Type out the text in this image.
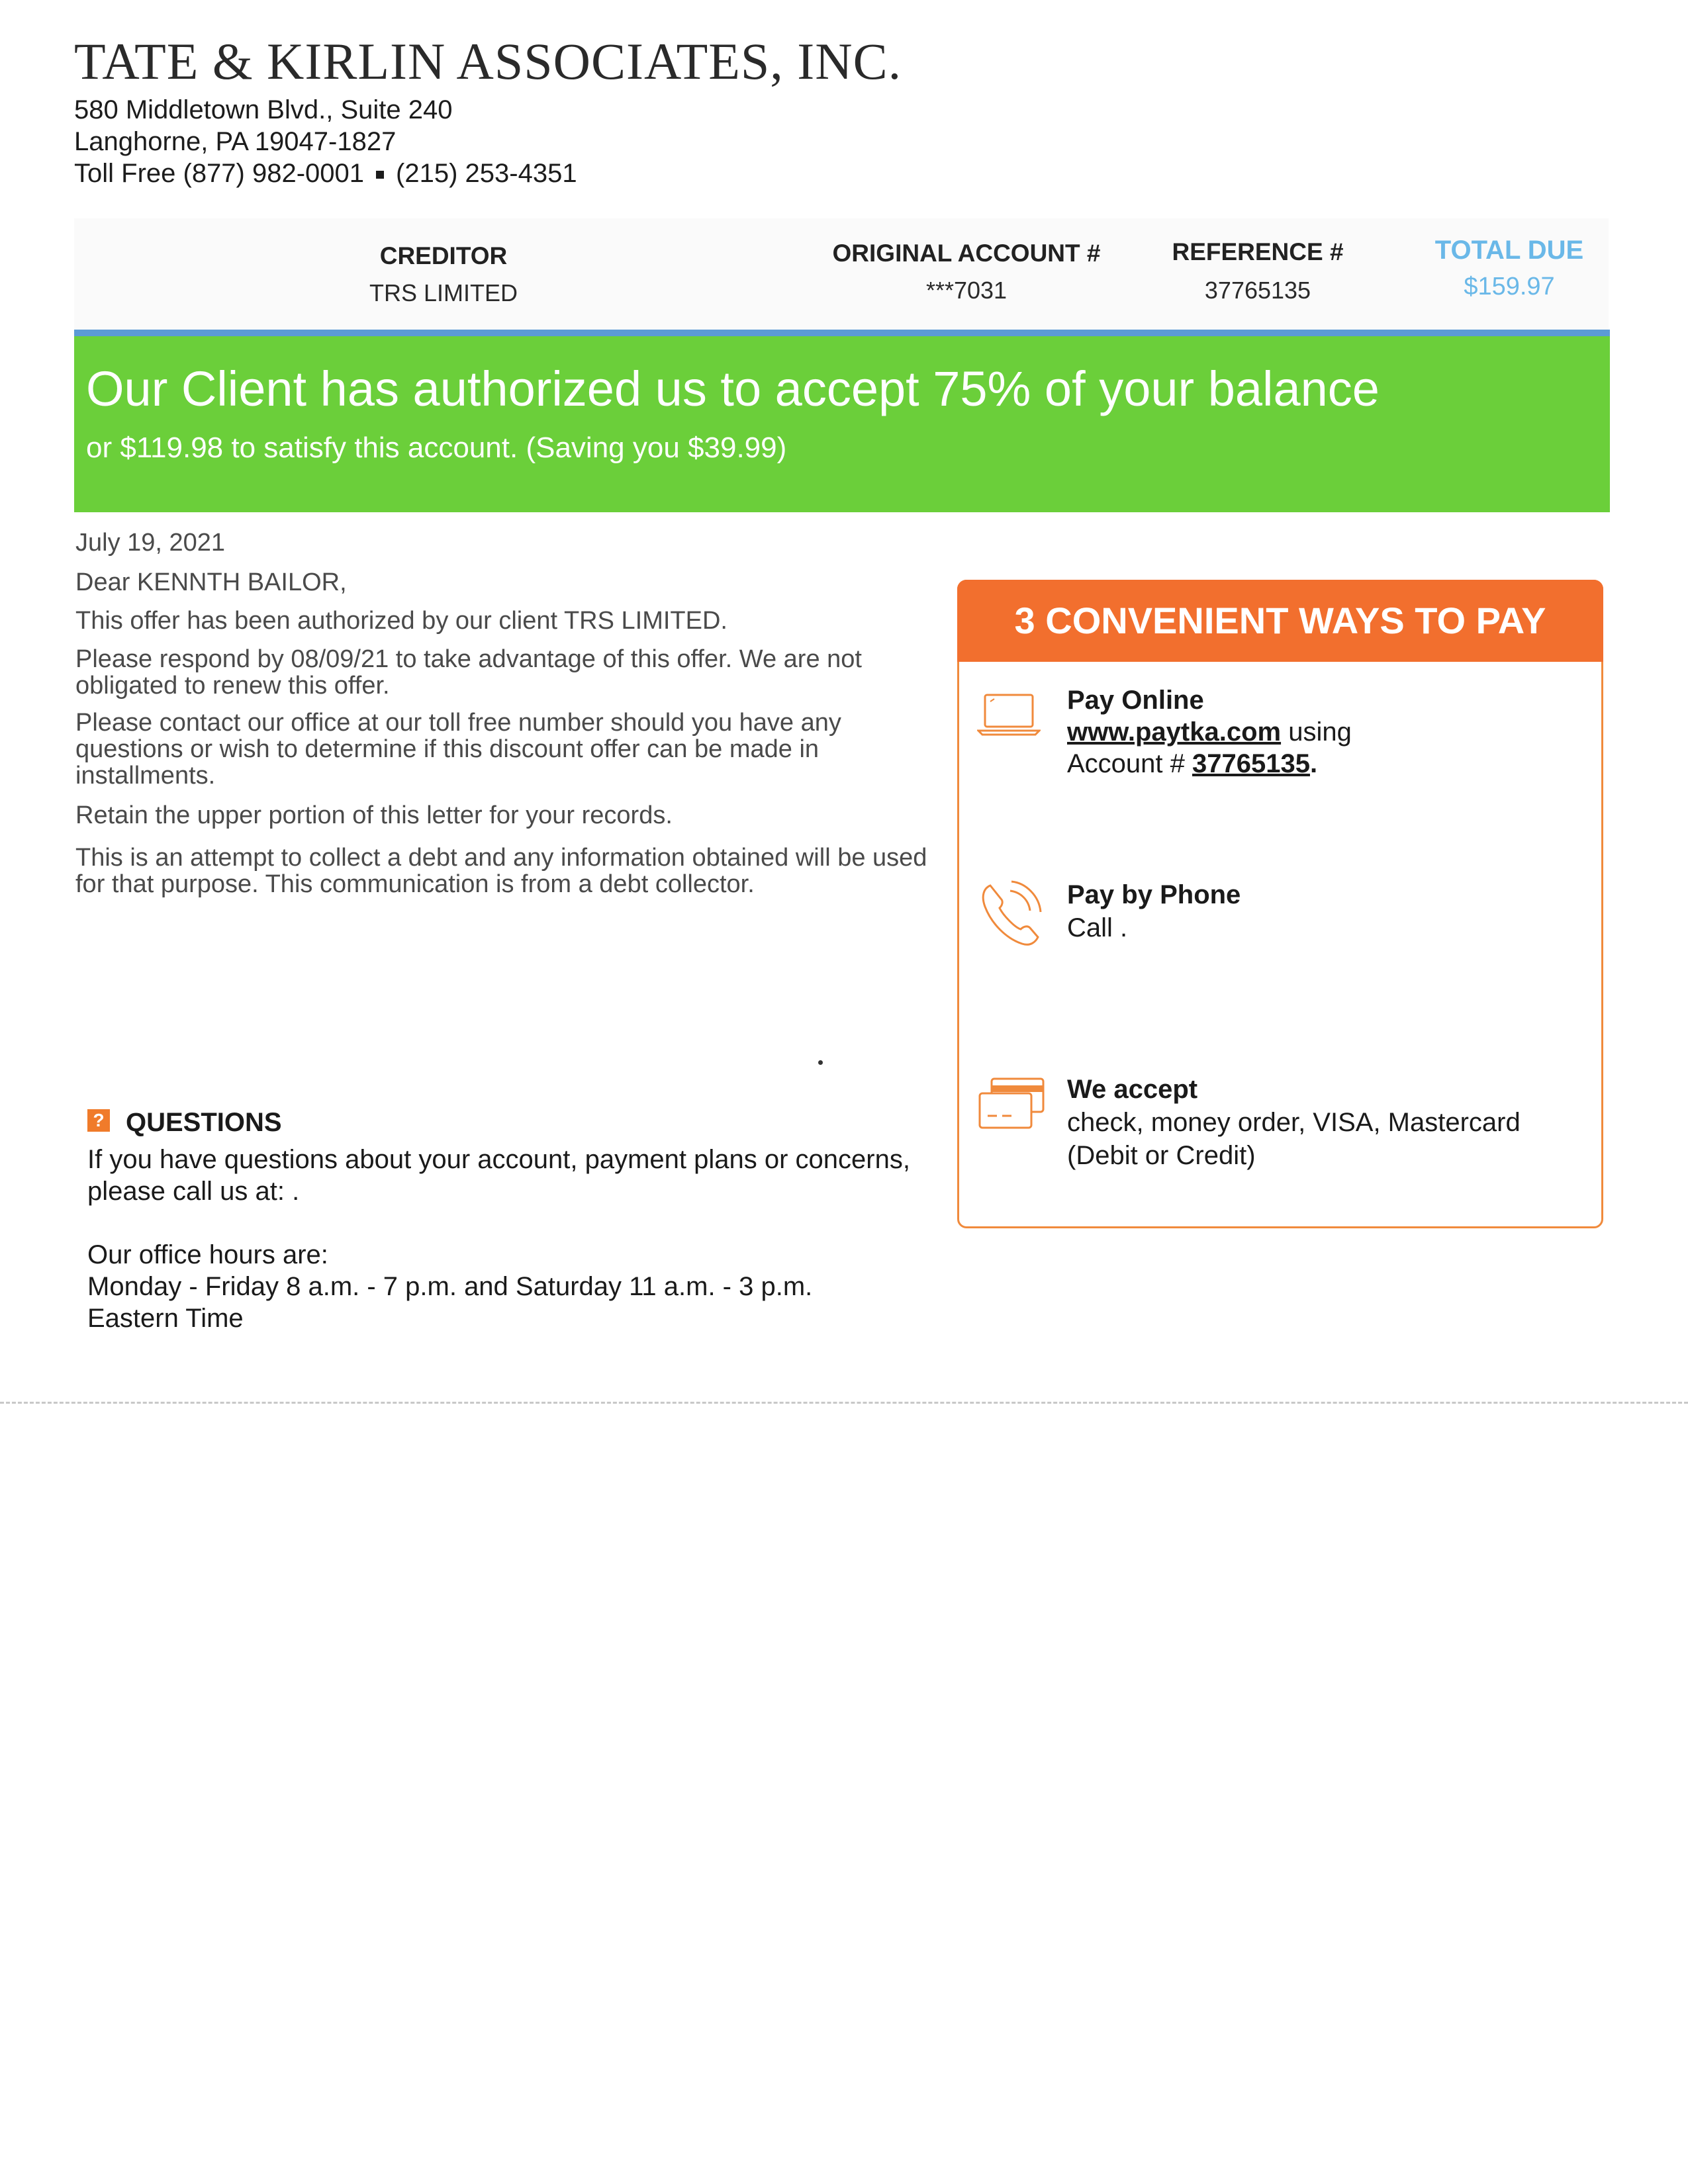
TATE & KIRLIN ASSOCIATES, INC.
580 Middletown Blvd., Suite 240
Langhorne, PA 19047-1827
Toll Free (877) 982-0001 (215) 253-4351
CREDITOR
TRS LIMITED
ORIGINAL ACCOUNT #
***7031
REFERENCE #
37765135
TOTAL DUE
$159.97
Our Client has authorized us to accept 75% of your balance
or $119.98 to satisfy this account. (Saving you $39.99)
July 19, 2021
Dear KENNTH BAILOR,
This offer has been authorized by our client TRS LIMITED.
Please respond by 08/09/21 to take advantage of this offer. We are not obligated to renew this offer.
Please contact our office at our toll free number should you have any questions or wish to determine if this discount offer can be made in installments.
Retain the upper portion of this letter for your records.
This is an attempt to collect a debt and any information obtained will be used for that purpose. This communication is from a debt collector.
? QUESTIONS
If you have questions about your account, payment plans or concerns, please call us at: .
Our office hours are:
Monday - Friday 8 a.m. - 7 p.m. and Saturday 11 a.m. - 3 p.m.
Eastern Time
3 CONVENIENT WAYS TO PAY
Pay Online
www.paytka.com using
Account # 37765135.
Pay by Phone
Call .
We accept
check, money order, VISA, Mastercard
(Debit or Credit)
